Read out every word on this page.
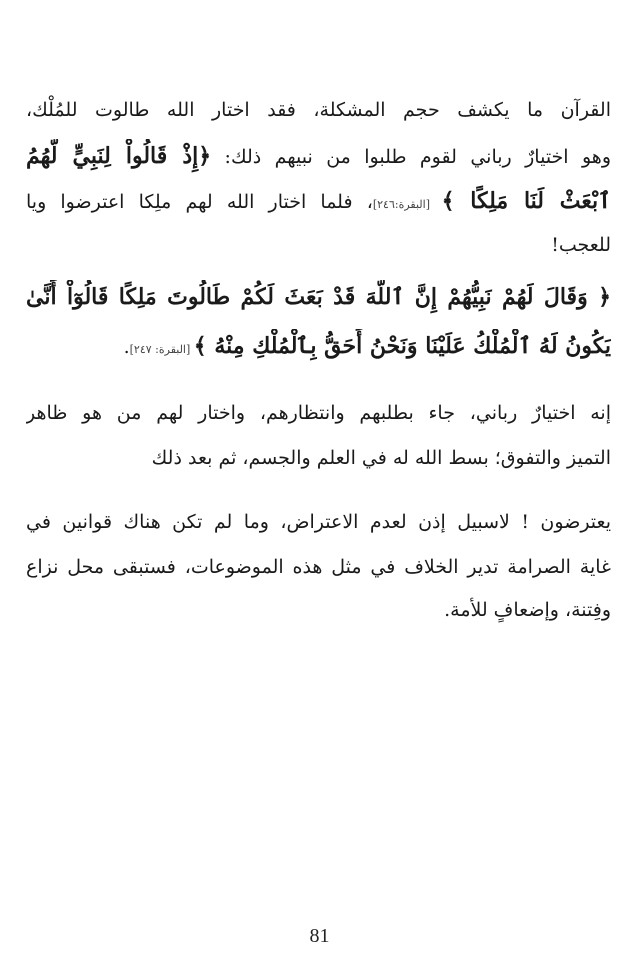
القرآن ما يكشف حجم المشكلة، فقد اختار الله طالوت للمُلْك،
وهو اختيارٌ رباني لقوم طلبوا من نبيهم ذلك: ﴿إِذْ قَالُواْ لِنَبِيٍّ لَّهُمُ
ٱبْعَثْ لَنَا مَلِكًا ﴾ [البقرة:٢٤٦]، فلما اختار الله لهم ملِكا اعترضوا ويا
للعجب!
﴿ وَقَالَ لَهُمْ نَبِيُّهُمْ إِنَّ ٱللَّهَ قَدْ بَعَثَ لَكُمْ طَالُوتَ مَلِكًا قَالُوٓاْ أَنَّىٰ
يَكُونُ لَهُ ٱلْمُلْكُ عَلَيْنَا وَنَحْنُ أَحَقُّ بِٱلْمُلْكِ مِنْهُ ﴾ [البقرة: ٢٤٧].
إنه اختيارٌ رباني، جاء بطلبهم وانتظارهم، واختار لهم من هو ظاهر
التميز والتفوق؛ بسط الله له في العلم والجسم، ثم بعد ذلك
يعترضون ! لاسبيل إذن لعدم الاعتراض، وما لم تكن هناك قوانين في
غاية الصرامة تدير الخلاف في مثل هذه الموضوعات، فستبقى محل نزاع
وفِتنة، وإضعافٍ للأمة.
81
